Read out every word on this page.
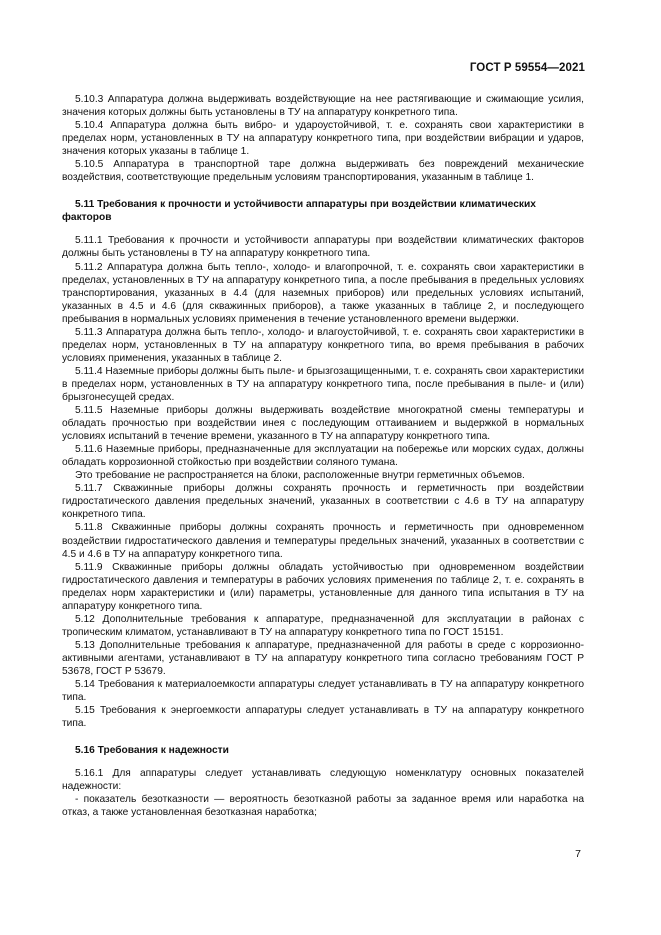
ГОСТ Р 59554—2021

5.10.3 Аппаратура должна выдерживать воздействующие на нее растягивающие и сжимающие усилия, значения которых должны быть установлены в ТУ на аппаратуру конкретного типа.

5.10.4 Аппаратура должна быть вибро- и удароустойчивой, т. е. сохранять свои характеристики в пределах норм, установленных в ТУ на аппаратуру конкретного типа, при воздействии вибрации и ударов, значения которых указаны в таблице 1.

5.10.5 Аппаратура в транспортной таре должна выдерживать без повреждений механические воздействия, соответствующие предельным условиям транспортирования, указанным в таблице 1.

5.11 Требования к прочности и устойчивости аппаратуры при воздействии климатических факторов

5.11.1 Требования к прочности и устойчивости аппаратуры при воздействии климатических факторов должны быть установлены в ТУ на аппаратуру конкретного типа.

5.11.2 Аппаратура должна быть тепло-, холодо- и влагопрочной, т. е. сохранять свои характеристики в пределах, установленных в ТУ на аппаратуру конкретного типа, а после пребывания в предельных условиях транспортирования, указанных в 4.4 (для наземных приборов) или предельных условиях испытаний, указанных в 4.5 и 4.6 (для скважинных приборов), а также указанных в таблице 2, и последующего пребывания в нормальных условиях применения в течение установленного времени выдержки.

5.11.3 Аппаратура должна быть тепло-, холодо- и влагоустойчивой, т. е. сохранять свои характеристики в пределах норм, установленных в ТУ на аппаратуру конкретного типа, во время пребывания в рабочих условиях применения, указанных в таблице 2.

5.11.4 Наземные приборы должны быть пыле- и брызгозащищенными, т. е. сохранять свои характеристики в пределах норм, установленных в ТУ на аппаратуру конкретного типа, после пребывания в пыле- и (или) брызгонесущей средах.

5.11.5 Наземные приборы должны выдерживать воздействие многократной смены температуры и обладать прочностью при воздействии инея с последующим оттаиванием и выдержкой в нормальных условиях испытаний в течение времени, указанного в ТУ на аппаратуру конкретного типа.

5.11.6 Наземные приборы, предназначенные для эксплуатации на побережье или морских судах, должны обладать коррозионной стойкостью при воздействии соляного тумана.

Это требование не распространяется на блоки, расположенные внутри герметичных объемов.

5.11.7 Скважинные приборы должны сохранять прочность и герметичность при воздействии гидростатического давления предельных значений, указанных в соответствии с 4.6 в ТУ на аппаратуру конкретного типа.

5.11.8 Скважинные приборы должны сохранять прочность и герметичность при одновременном воздействии гидростатического давления и температуры предельных значений, указанных в соответствии с 4.5 и 4.6 в ТУ на аппаратуру конкретного типа.

5.11.9 Скважинные приборы должны обладать устойчивостью при одновременном воздействии гидростатического давления и температуры в рабочих условиях применения по таблице 2, т. е. сохранять в пределах норм характеристики и (или) параметры, установленные для данного типа испытания в ТУ на аппаратуру конкретного типа.

5.12 Дополнительные требования к аппаратуре, предназначенной для эксплуатации в районах с тропическим климатом, устанавливают в ТУ на аппаратуру конкретного типа по ГОСТ 15151.

5.13 Дополнительные требования к аппаратуре, предназначенной для работы в среде с коррозионно-активными агентами, устанавливают в ТУ на аппаратуру конкретного типа согласно требованиям ГОСТ Р 53678, ГОСТ Р 53679.

5.14 Требования к материалоемкости аппаратуры следует устанавливать в ТУ на аппаратуру конкретного типа.

5.15 Требования к энергоемкости аппаратуры следует устанавливать в ТУ на аппаратуру конкретного типа.

5.16 Требования к надежности

5.16.1 Для аппаратуры следует устанавливать следующую номенклатуру основных показателей надежности:

- показатель безотказности — вероятность безотказной работы за заданное время или наработка на отказ, а также установленная безотказная наработка;

7
